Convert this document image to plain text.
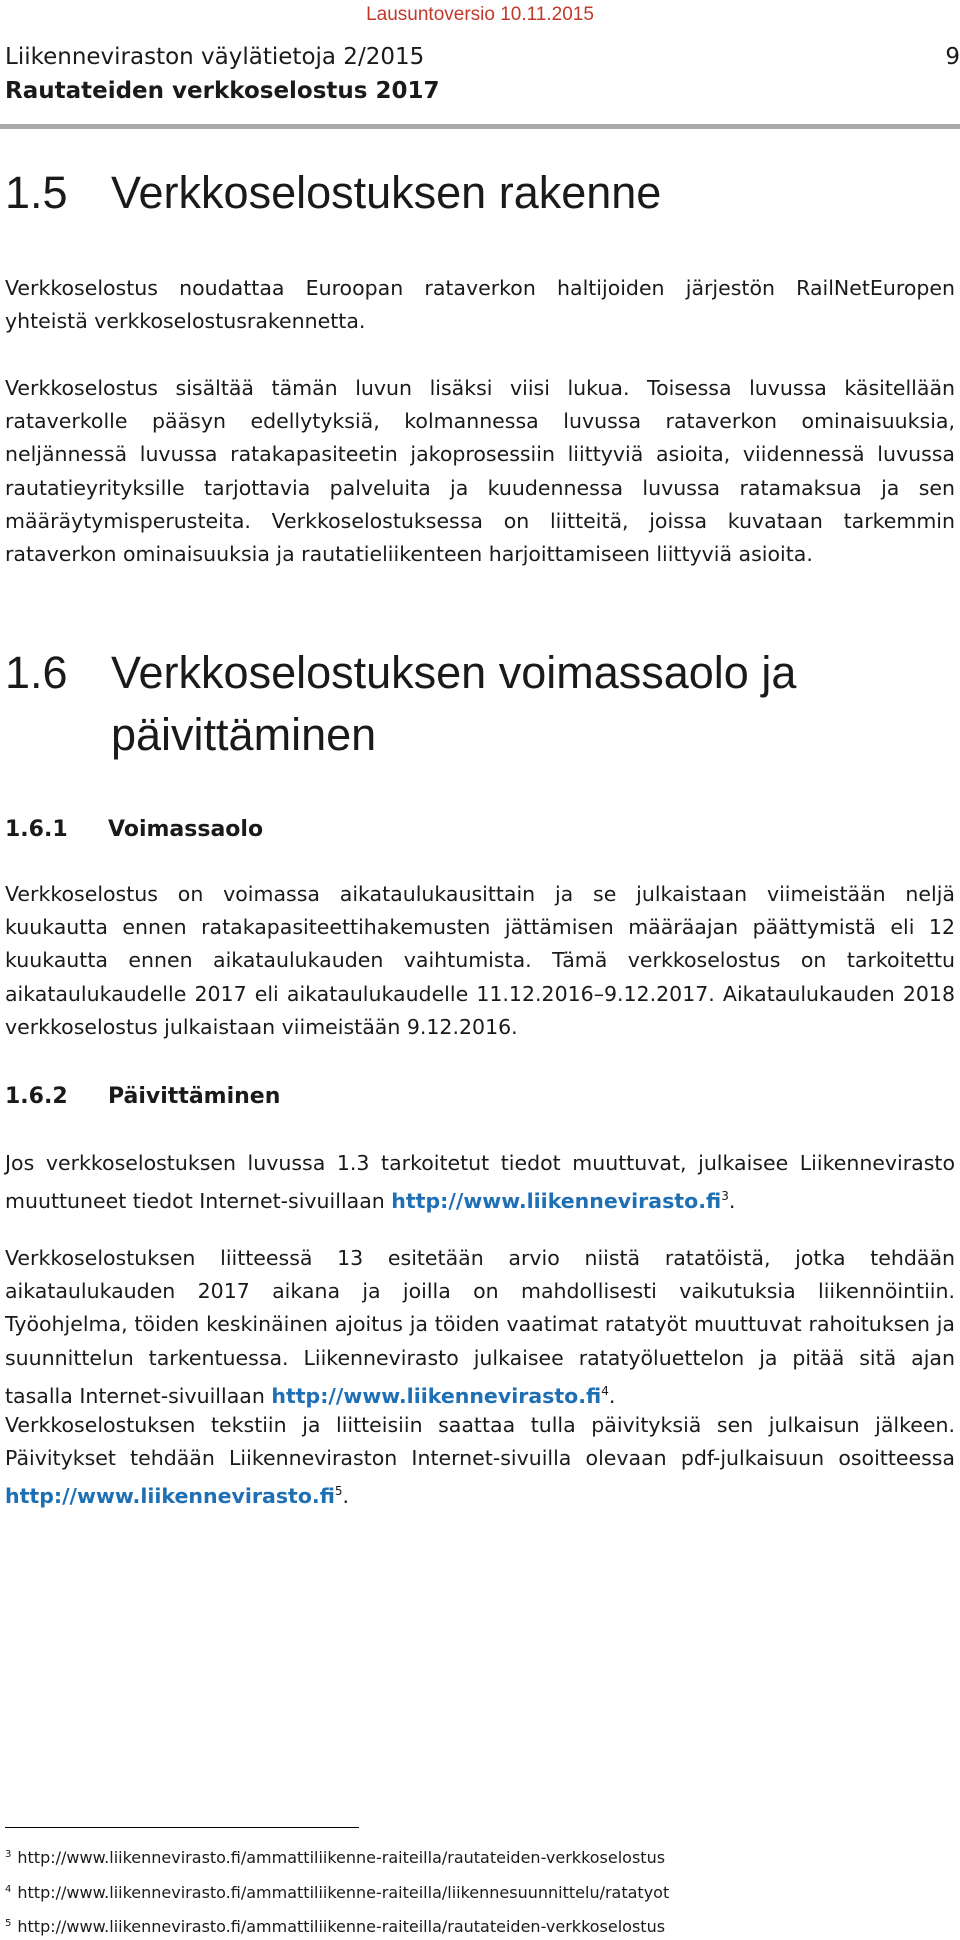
Lausuntoversio 10.11.2015
Liikenneviraston väylätietoja 2/2015
Rautateiden verkkoselostus 2017
9
1.5 Verkkoselostuksen rakenne
Verkkoselostus noudattaa Euroopan rataverkon haltijoiden järjestön RailNetEuropen yhteistä verkkoselostusrakennetta.
Verkkoselostus sisältää tämän luvun lisäksi viisi lukua. Toisessa luvussa käsitellään rataverkolle pääsyn edellytyksiä, kolmannessa luvussa rataverkon ominaisuuksia, neljännessä luvussa ratakapasiteetin jakoprosessiin liittyviä asioita, viidennessä luvussa rautatieyrityksille tarjottavia palveluita ja kuudennessa luvussa ratamaksua ja sen määräytymisperusteita. Verkkoselostuksessa on liitteitä, joissa kuvataan tarkemmin rataverkon ominaisuuksia ja rautatieliikenteen harjoittamiseen liittyviä asioita.
1.6 Verkkoselostuksen voimassaolo ja
päivittäminen
1.6.1 Voimassaolo
Verkkoselostus on voimassa aikataulukausittain ja se julkaistaan viimeistään neljä kuukautta ennen ratakapasiteettihakemusten jättämisen määräajan päättymistä eli 12 kuukautta ennen aikataulukauden vaihtumista. Tämä verkkoselostus on tarkoitettu aikataulukaudelle 2017 eli aikataulukaudelle 11.12.2016–9.12.2017. Aikataulukauden 2018 verkkoselostus julkaistaan viimeistään 9.12.2016.
1.6.2 Päivittäminen
Jos verkkoselostuksen luvussa 1.3 tarkoitetut tiedot muuttuvat, julkaisee Liikennevirasto muuttuneet tiedot Internet-sivuillaan http://www.liikennevirasto.fi$^3$.
Verkkoselostuksen liitteessä 13 esitetään arvio niistä ratatöistä, jotka tehdään aikataulukauden 2017 aikana ja joilla on mahdollisesti vaikutuksia liikennöintiin. Työohjelma, töiden keskinäinen ajoitus ja töiden vaatimat ratatyöt muuttuvat rahoituksen ja suunnittelun tarkentuessa. Liikennevirasto julkaisee ratatyöluettelon ja pitää sitä ajan tasalla Internet-sivuillaan http://www.liikennevirasto.fi$^4$.
Verkkoselostuksen tekstiin ja liitteisiin saattaa tulla päivityksiä sen julkaisun jälkeen. Päivitykset tehdään Liikenneviraston Internet-sivuilla olevaan pdf-julkaisuun osoitteessa http://www.liikennevirasto.fi$^5$.
$^3$ http://www.liikennevirasto.fi/ammattiliikenne-raiteilla/rautateiden-verkkoselostus
$^4$ http://www.liikennevirasto.fi/ammattiliikenne-raiteilla/liikennesuunnittelu/ratatyot
$^5$ http://www.liikennevirasto.fi/ammattiliikenne-raiteilla/rautateiden-verkkoselostus
